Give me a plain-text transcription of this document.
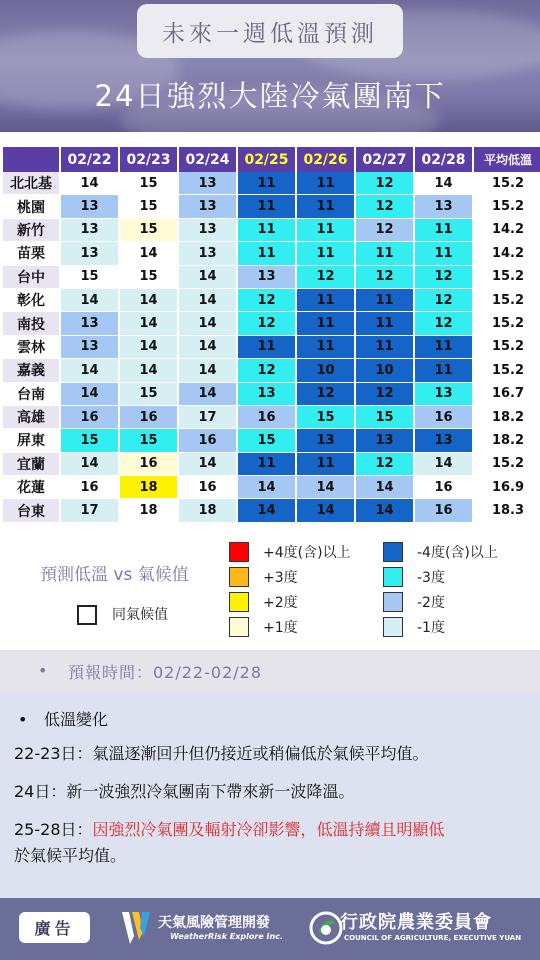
未來一週低溫預測
24日強烈大陸冷氣團南下
	02/22	02/23	02/24	02/25	02/26	02/27	02/28	平均低溫
北北基	14	15	13	11	11	12	14	15.2
桃園	13	15	13	11	11	12	13	15.2
新竹	13	15	13	11	11	12	11	14.2
苗栗	13	14	13	11	11	11	11	14.2
台中	15	15	14	13	12	12	12	15.2
彰化	14	14	14	12	11	11	12	15.2
南投	13	14	14	12	11	11	12	15.2
雲林	13	14	14	11	11	11	11	15.2
嘉義	14	14	14	12	10	10	11	15.2
台南	14	15	14	13	12	12	13	16.7
高雄	16	16	17	16	15	15	16	18.2
屏東	15	15	16	15	13	13	13	18.2
宜蘭	14	16	14	11	11	12	14	15.2
花蓮	16	18	16	14	14	14	16	16.9
台東	17	18	18	14	14	14	16	18.3
預測低溫 vs 氣候值
同氣候值
+4度(含)以上
+3度
+2度
+1度
-4度(含)以上
-3度
-2度
-1度
• 預報時間：02/22-02/28
• 低溫變化
22-23日：氣溫逐漸回升但仍接近或稍偏低於氣候平均值。
24日：新一波強烈冷氣團南下帶來新一波降溫。
25-28日：因強烈冷氣團及輻射冷卻影響，低溫持續且明顯低
於氣候平均值。
廣告	天氣風險管理開發
WeatherRisk Explore Inc.
行政院農業委員會
COUNCIL OF AGRICULTURE, EXECUTIVE YUAN
